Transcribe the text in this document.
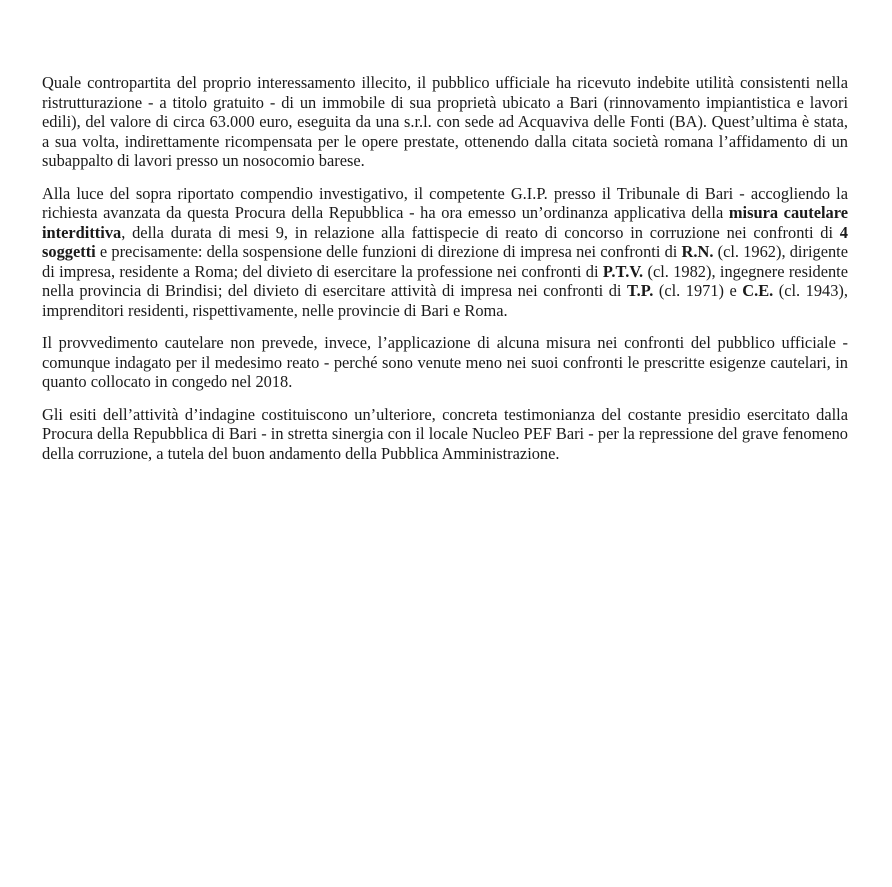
Quale contropartita del proprio interessamento illecito, il pubblico ufficiale ha ricevuto indebite utilità consistenti nella ristrutturazione - a titolo gratuito - di un immobile di sua proprietà ubicato a Bari (rinnovamento impiantistica e lavori edili), del valore di circa 63.000 euro, eseguita da una s.r.l. con sede ad Acquaviva delle Fonti (BA). Quest’ultima è stata, a sua volta, indirettamente ricompensata per le opere prestate, ottenendo dalla citata società romana l’affidamento di un subappalto di lavori presso un nosocomio barese.

Alla luce del sopra riportato compendio investigativo, il competente G.I.P. presso il Tribunale di Bari - accogliendo la richiesta avanzata da questa Procura della Repubblica - ha ora emesso un’ordinanza applicativa della misura cautelare interdittiva, della durata di mesi 9, in relazione alla fattispecie di reato di concorso in corruzione nei confronti di 4 soggetti e precisamente: della sospensione delle funzioni di direzione di impresa nei confronti di R.N. (cl. 1962), dirigente di impresa, residente a Roma; del divieto di esercitare la professione nei confronti di P.T.V. (cl. 1982), ingegnere residente nella provincia di Brindisi; del divieto di esercitare attività di impresa nei confronti di T.P. (cl. 1971) e C.E. (cl. 1943), imprenditori residenti, rispettivamente, nelle provincie di Bari e Roma.

Il provvedimento cautelare non prevede, invece, l’applicazione di alcuna misura nei confronti del pubblico ufficiale - comunque indagato per il medesimo reato - perché sono venute meno nei suoi confronti le prescritte esigenze cautelari, in quanto collocato in congedo nel 2018.

Gli esiti dell’attività d’indagine costituiscono un’ulteriore, concreta testimonianza del costante presidio esercitato dalla Procura della Repubblica di Bari - in stretta sinergia con il locale Nucleo PEF Bari - per la repressione del grave fenomeno della corruzione, a tutela del buon andamento della Pubblica Amministrazione.
